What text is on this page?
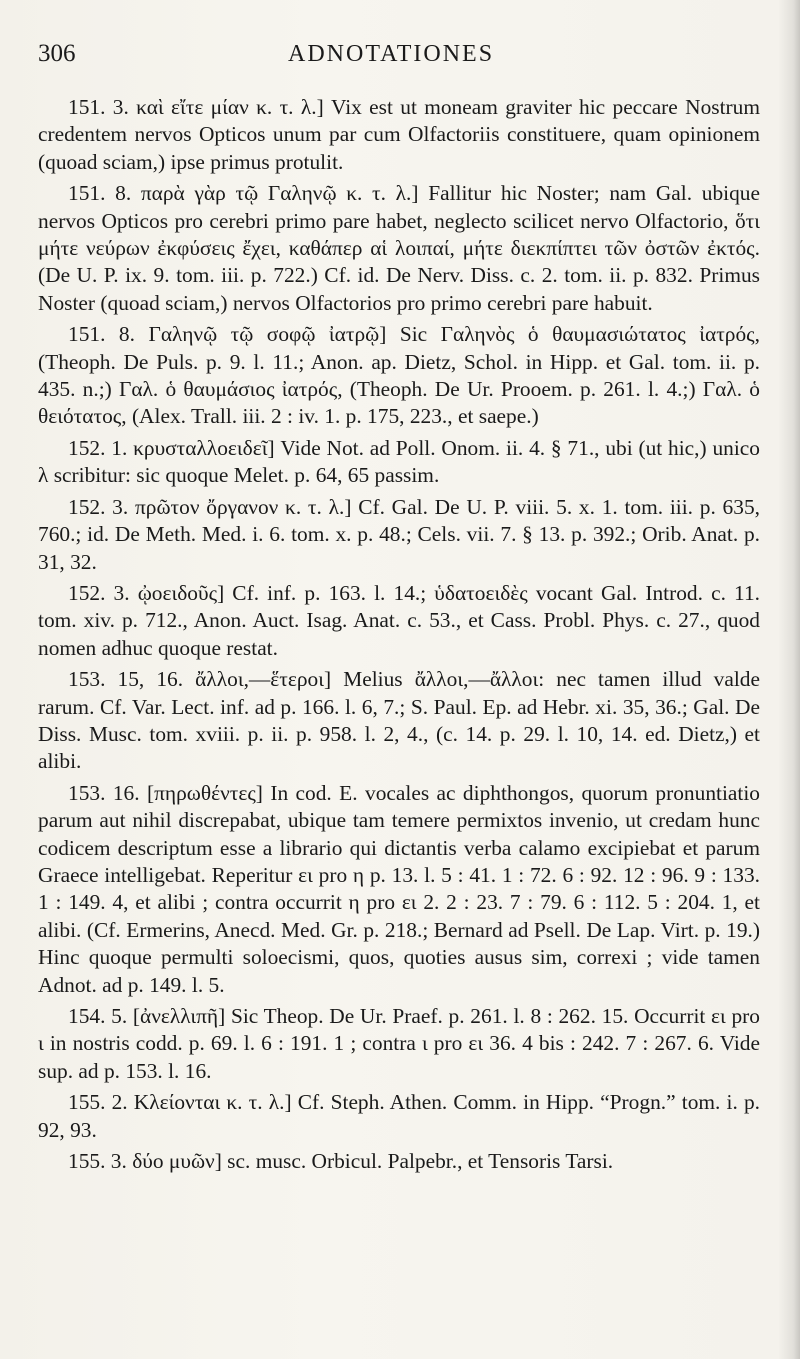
306	ADNOTATIONES

151. 3. καὶ εἴτε μίαν κ. τ. λ.] Vix est ut moneam graviter hic peccare Nostrum credentem nervos Opticos unum par cum Olfactoriis constituere, quam opinionem (quoad sciam,) ipse primus protulit.

151. 8. παρὰ γὰρ τῷ Γαληνῷ κ. τ. λ.] Fallitur hic Noster; nam Gal. ubique nervos Opticos pro cerebri primo pare habet, neglecto scilicet nervo Olfactorio, ὅτι μήτε νεύρων ἐκφύσεις ἔχει, καθάπερ αἱ λοιπαί, μήτε διεκπίπτει τῶν ὀστῶν ἐκτός. (De U. P. ix. 9. tom. iii. p. 722.) Cf. id. De Nerv. Diss. c. 2. tom. ii. p. 832. Primus Noster (quoad sciam,) nervos Olfactorios pro primo cerebri pare habuit.

151. 8. Γαληνῷ τῷ σοφῷ ἰατρῷ] Sic Γαληνὸς ὁ θαυμασιώτατος ἰατρός, (Theoph. De Puls. p. 9. l. 11.; Anon. ap. Dietz, Schol. in Hipp. et Gal. tom. ii. p. 435. n.;) Γαλ. ὁ θαυμάσιος ἰατρός, (Theoph. De Ur. Prooem. p. 261. l. 4.;) Γαλ. ὁ θειότατος, (Alex. Trall. iii. 2 : iv. 1. p. 175, 223., et saepe.)

152. 1. κρυσταλλοειδεῖ] Vide Not. ad Poll. Onom. ii. 4. § 71., ubi (ut hic,) unico λ scribitur: sic quoque Melet. p. 64, 65 passim.

152. 3. πρῶτον ὄργανον κ. τ. λ.] Cf. Gal. De U. P. viii. 5. x. 1. tom. iii. p. 635, 760.; id. De Meth. Med. i. 6. tom. x. p. 48.; Cels. vii. 7. § 13. p. 392.; Orib. Anat. p. 31, 32.

152. 3. ᾠοειδοῦς] Cf. inf. p. 163. l. 14.; ὑδατοειδὲς vocant Gal. Introd. c. 11. tom. xiv. p. 712., Anon. Auct. Isag. Anat. c. 53., et Cass. Probl. Phys. c. 27., quod nomen adhuc quoque restat.

153. 15, 16. ἄλλοι,—ἕτεροι] Melius ἄλλοι,—ἄλλοι: nec tamen illud valde rarum. Cf. Var. Lect. inf. ad p. 166. l. 6, 7.; S. Paul. Ep. ad Hebr. xi. 35, 36.; Gal. De Diss. Musc. tom. xviii. p. ii. p. 958. l. 2, 4., (c. 14. p. 29. l. 10, 14. ed. Dietz,) et alibi.

153. 16. [πηρωθέντες] In cod. E. vocales ac diphthongos, quorum pronuntiatio parum aut nihil discrepabat, ubique tam temere permixtos invenio, ut credam hunc codicem descriptum esse a librario qui dictantis verba calamo excipiebat et parum Graece intelligebat. Reperitur ει pro η p. 13. l. 5 : 41. 1 : 72. 6 : 92. 12 : 96. 9 : 133. 1 : 149. 4, et alibi ; contra occurrit η pro ει 2. 2 : 23. 7 : 79. 6 : 112. 5 : 204. 1, et alibi. (Cf. Ermerins, Anecd. Med. Gr. p. 218.; Bernard ad Psell. De Lap. Virt. p. 19.) Hinc quoque permulti soloecismi, quos, quoties ausus sim, correxi ; vide tamen Adnot. ad p. 149. l. 5.

154. 5. [ἀνελλιπῆ] Sic Theop. De Ur. Praef. p. 261. l. 8 : 262. 15. Occurrit ει pro ι in nostris codd. p. 69. l. 6 : 191. 1 ; contra ι pro ει 36. 4 bis : 242. 7 : 267. 6. Vide sup. ad p. 153. l. 16.

155. 2. Κλείονται κ. τ. λ.] Cf. Steph. Athen. Comm. in Hipp. “Progn.” tom. i. p. 92, 93.

155. 3. δύο μυῶν] sc. musc. Orbicul. Palpebr., et Tensoris Tarsi.
